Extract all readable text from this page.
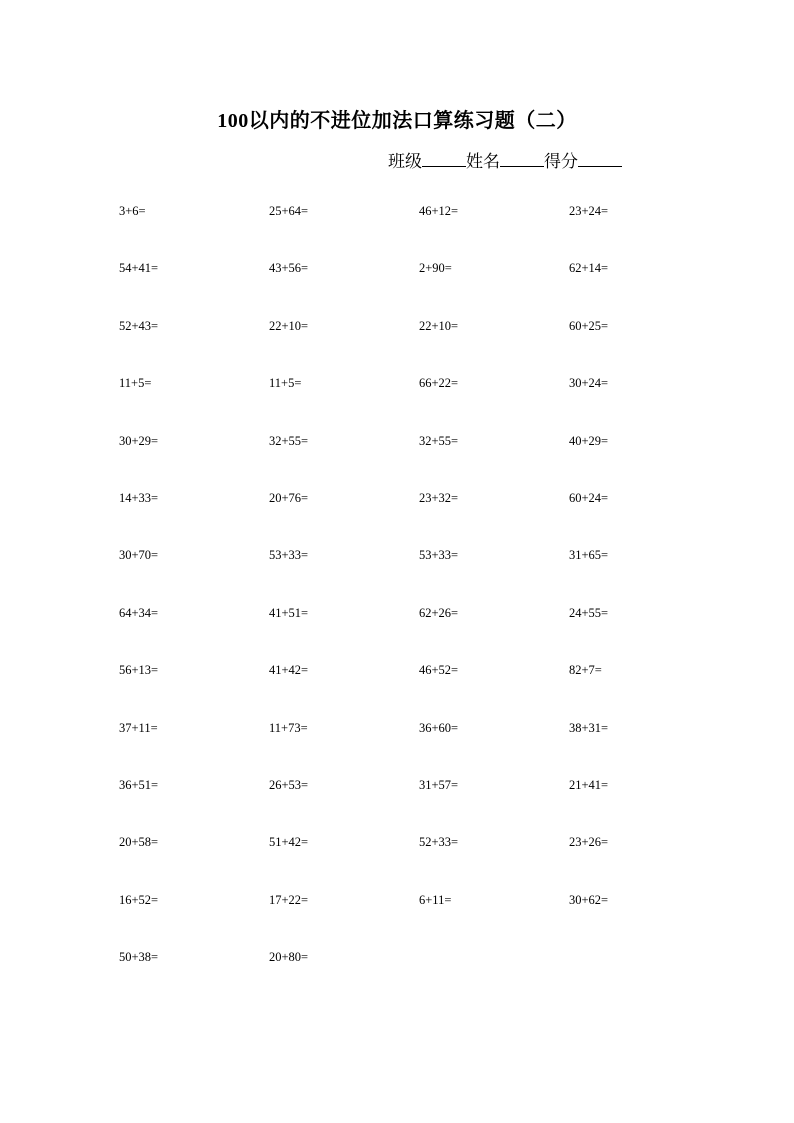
100以内的不进位加法口算练习题（二）
班级	姓名	得分
3+6=	25+64=	46+12=	23+24=
54+41=	43+56=	2+90=	62+14=
52+43=	22+10=	22+10=	60+25=
11+5=	11+5=	66+22=	30+24=
30+29=	32+55=	32+55=	40+29=
14+33=	20+76=	23+32=	60+24=
30+70=	53+33=	53+33=	31+65=
64+34=	41+51=	62+26=	24+55=
56+13=	41+42=	46+52=	82+7=
37+11=	11+73=	36+60=	38+31=
36+51=	26+53=	31+57=	21+41=
20+58=	51+42=	52+33=	23+26=
16+52=	17+22=	6+11=	30+62=
50+38=	20+80=
